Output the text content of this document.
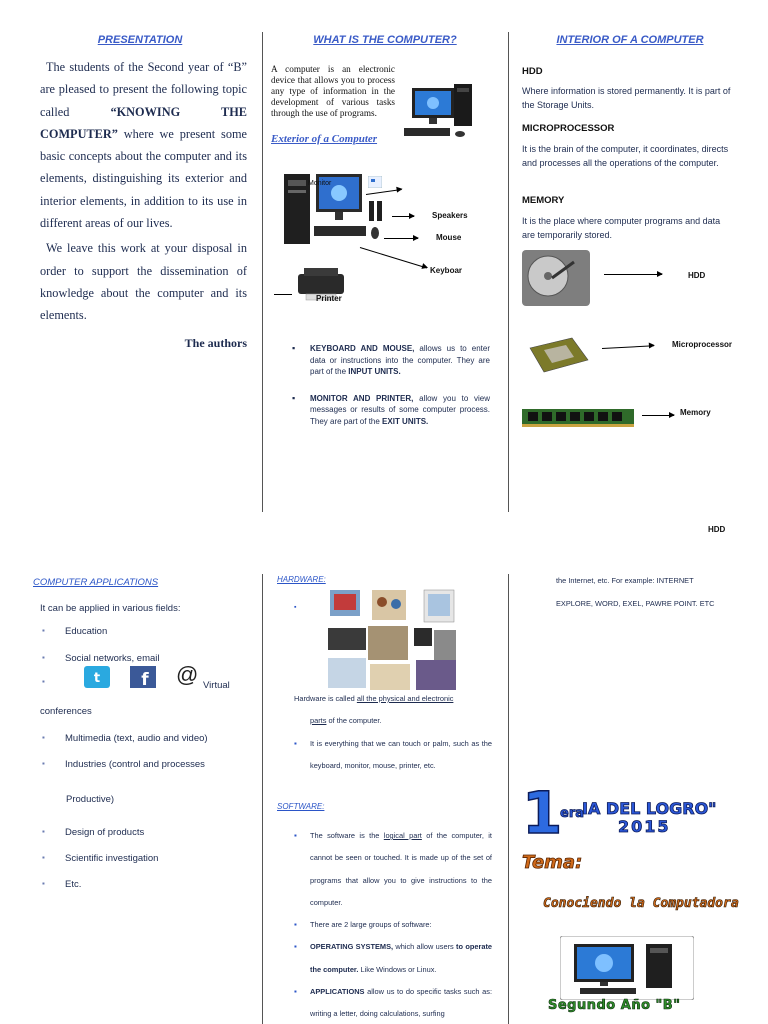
PRESENTATION

The students of the Second year of “B” are pleased to present the following topic called “KNOWING THE COMPUTER” where we present some basic concepts about the computer and its elements, distinguishing its exterior and interior elements, in addition to its use in different areas of our lives.

We leave this work at your disposal in order to support the dissemination of knowledge about the computer and its elements.

The authors
WHAT IS THE COMPUTER?
A computer is an electronic device that allows you to process any type of information in the development of various tasks through the use of programs.
Exterior of a Computer
Monitor
Speakers
Mouse
Keyboar
Printer
▪ KEYBOARD AND MOUSE, allows us to enter data or instructions into the computer. They are part of the INPUT UNITS.
▪ MONITOR AND PRINTER, allow you to view messages or results of some computer process. They are part of the EXIT UNITS.
INTERIOR OF A COMPUTER
HDD
Where information is stored permanently. It is part of the Storage Units.
MICROPROCESSOR
It is the brain of the computer, it coordinates, directs and processes all the operations of the computer.
MEMORY
It is the place where computer programs and data are temporarily stored.
HDD
Microprocessor
Memory
HDD
COMPUTER APPLICATIONS
It can be applied in various fields:
▪ Education
▪ Social networks, email
▪	t f @ Virtual
conferences
▪ Multimedia (text, audio and video)
▪ Industries (control and processes
Productive)
▪ Design of products
▪ Scientific investigation
▪ Etc.
HARDWARE:
▪
Hardware is called all the physical and electronic
parts of the computer.
▪ It is everything that we can touch or palm, such as the keyboard, monitor, mouse, printer, etc.
SOFTWARE:
▪ The software is the logical part of the computer, it cannot be seen or touched. It is made up of the set of programs that allow you to give instructions to the computer.
▪ There are 2 large groups of software:
▪ OPERATING SYSTEMS, which allow users to operate the computer. Like Windows or Linux.
▪ APPLICATIONS allow us to do specific tasks such as: writing a letter, doing calculations, surfing
the Internet, etc. For example: INTERNET
EXPLORE, WORD, EXEL, PAWRE POINT. ETC
1
era
IA DEL LOGRO"
2015
Tema:
Conociendo la Computadora
Segundo Año "B"
